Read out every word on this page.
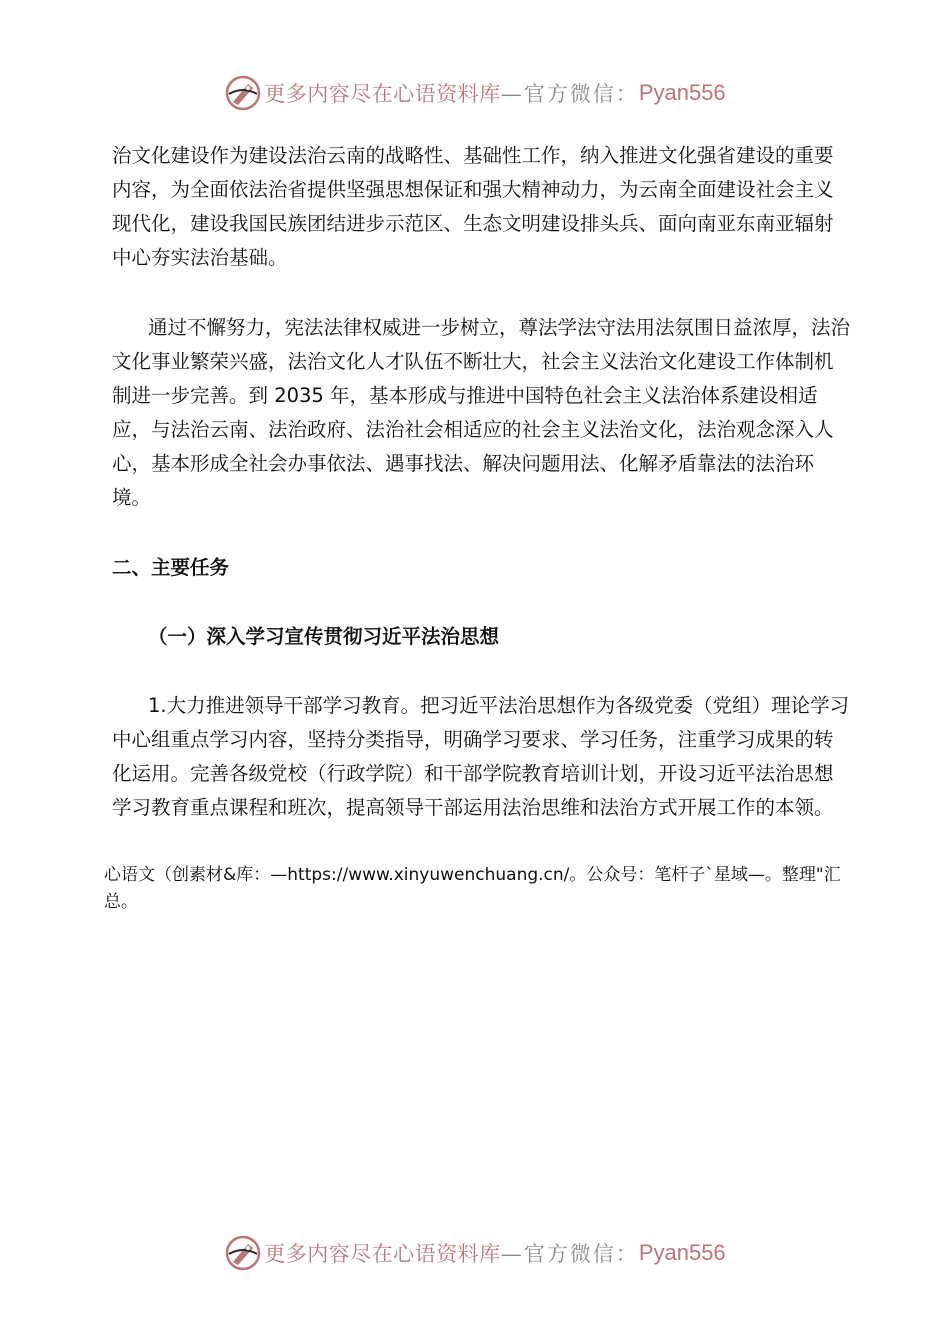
更多内容尽在心语资料库 —官方微信： Pyan556

治文化建设作为建设法治云南的战略性、基础性工作，纳入推进文化强省建设的重要内容，为全面依法治省提供坚强思想保证和强大精神动力，为云南全面建设社会主义现代化，建设我国民族团结进步示范区、生态文明建设排头兵、面向南亚东南亚辐射中心夯实法治基础。

通过不懈努力，宪法法律权威进一步树立，尊法学法守法用法氛围日益浓厚，法治文化事业繁荣兴盛，法治文化人才队伍不断壮大，社会主义法治文化建设工作体制机制进一步完善。到 2035 年，基本形成与推进中国特色社会主义法治体系建设相适应，与法治云南、法治政府、法治社会相适应的社会主义法治文化，法治观念深入人心，基本形成全社会办事依法、遇事找法、解决问题用法、化解矛盾靠法的法治环境。

二、主要任务
（一）深入学习宣传贯彻习近平法治思想

1.大力推进领导干部学习教育。把习近平法治思想作为各级党委（党组）理论学习中心组重点学习内容，坚持分类指导，明确学习要求、学习任务，注重学习成果的转化运用。完善各级党校（行政学院）和干部学院教育培训计划，开设习近平法治思想学习教育重点课程和班次，提高领导干部运用法治思维和法治方式开展工作的本领。

心语文（创素材&库：—https://www.xinyuwenchuang.cn/。公众号：笔杆子`星域—。整理"汇总。

更多内容尽在心语资料库 —官方微信： Pyan556
